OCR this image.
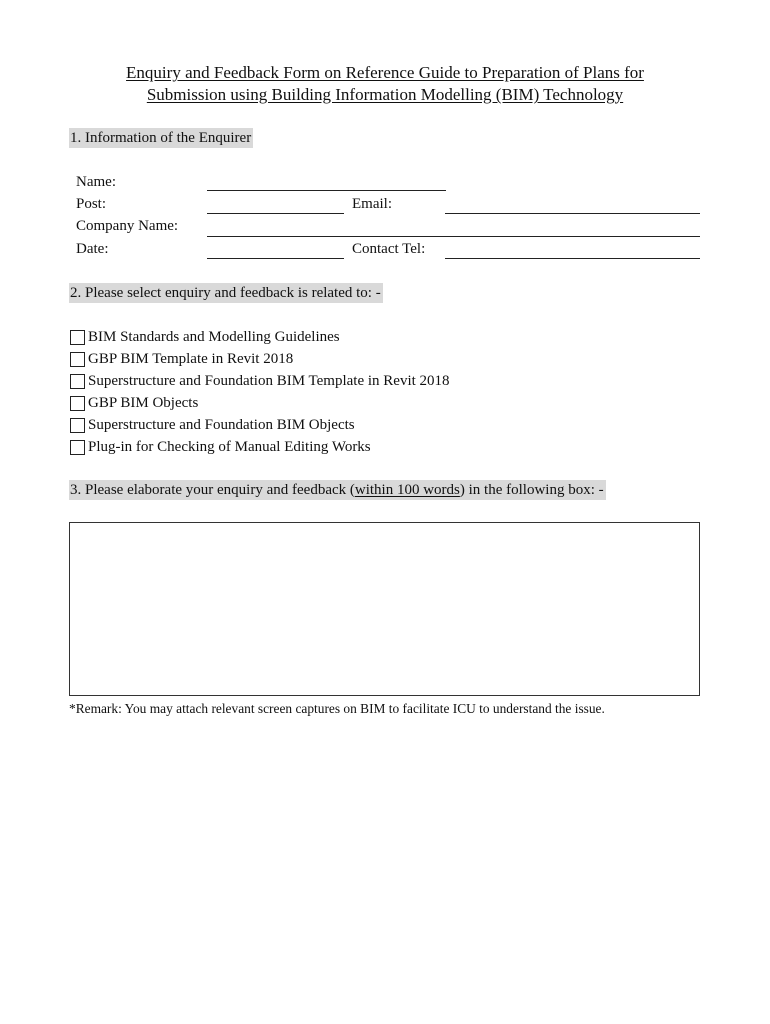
Enquiry and Feedback Form on Reference Guide to Preparation of Plans for
Submission using Building Information Modelling (BIM) Technology
1. Information of the Enquirer
Name:
Post:	Email:
Company Name:
Date:	Contact Tel:
2. Please select enquiry and feedback is related to: -
BIM Standards and Modelling Guidelines
GBP BIM Template in Revit 2018
Superstructure and Foundation BIM Template in Revit 2018
GBP BIM Objects
Superstructure and Foundation BIM Objects
Plug-in for Checking of Manual Editing Works
3. Please elaborate your enquiry and feedback (within 100 words) in the following box: -
*Remark: You may attach relevant screen captures on BIM to facilitate ICU to understand the issue.
